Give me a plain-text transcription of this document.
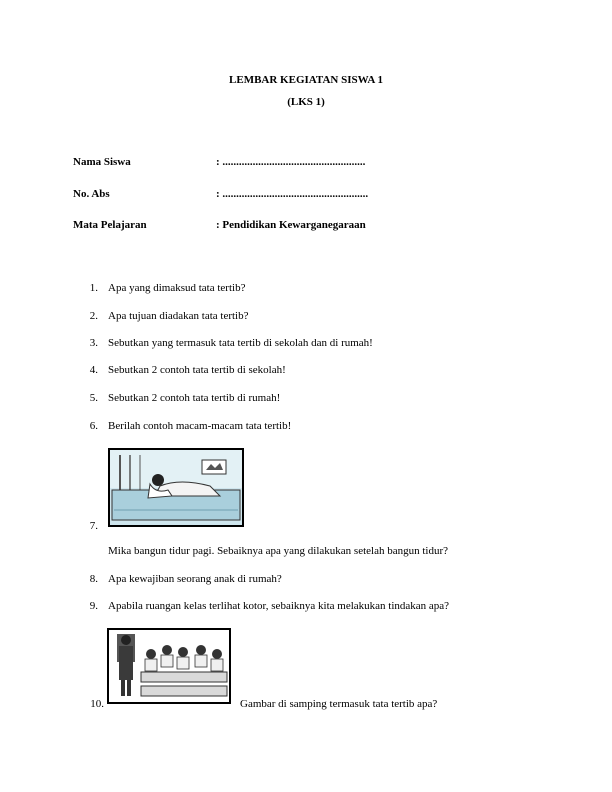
LEMBAR KEGIATAN SISWA 1
(LKS 1)
Nama Siswa	: ....................................................
No. Abs	: .....................................................
Mata Pelajaran	: Pendidikan Kewarganegaraan
1. Apa yang dimaksud tata tertib?
2. Apa tujuan diadakan tata tertib?
3. Sebutkan yang termasuk tata tertib di sekolah dan di rumah!
4. Sebutkan 2 contoh tata tertib di sekolah!
5. Sebutkan 2 contoh tata tertib di rumah!
6. Berilah contoh macam-macam tata tertib!
7.
Mika bangun tidur pagi. Sebaiknya apa yang dilakukan setelah bangun tidur?
8. Apa kewajiban seorang anak di rumah?
9. Apabila ruangan kelas terlihat kotor, sebaiknya kita melakukan tindakan apa?
10.	Gambar di samping termasuk tata tertib apa?
